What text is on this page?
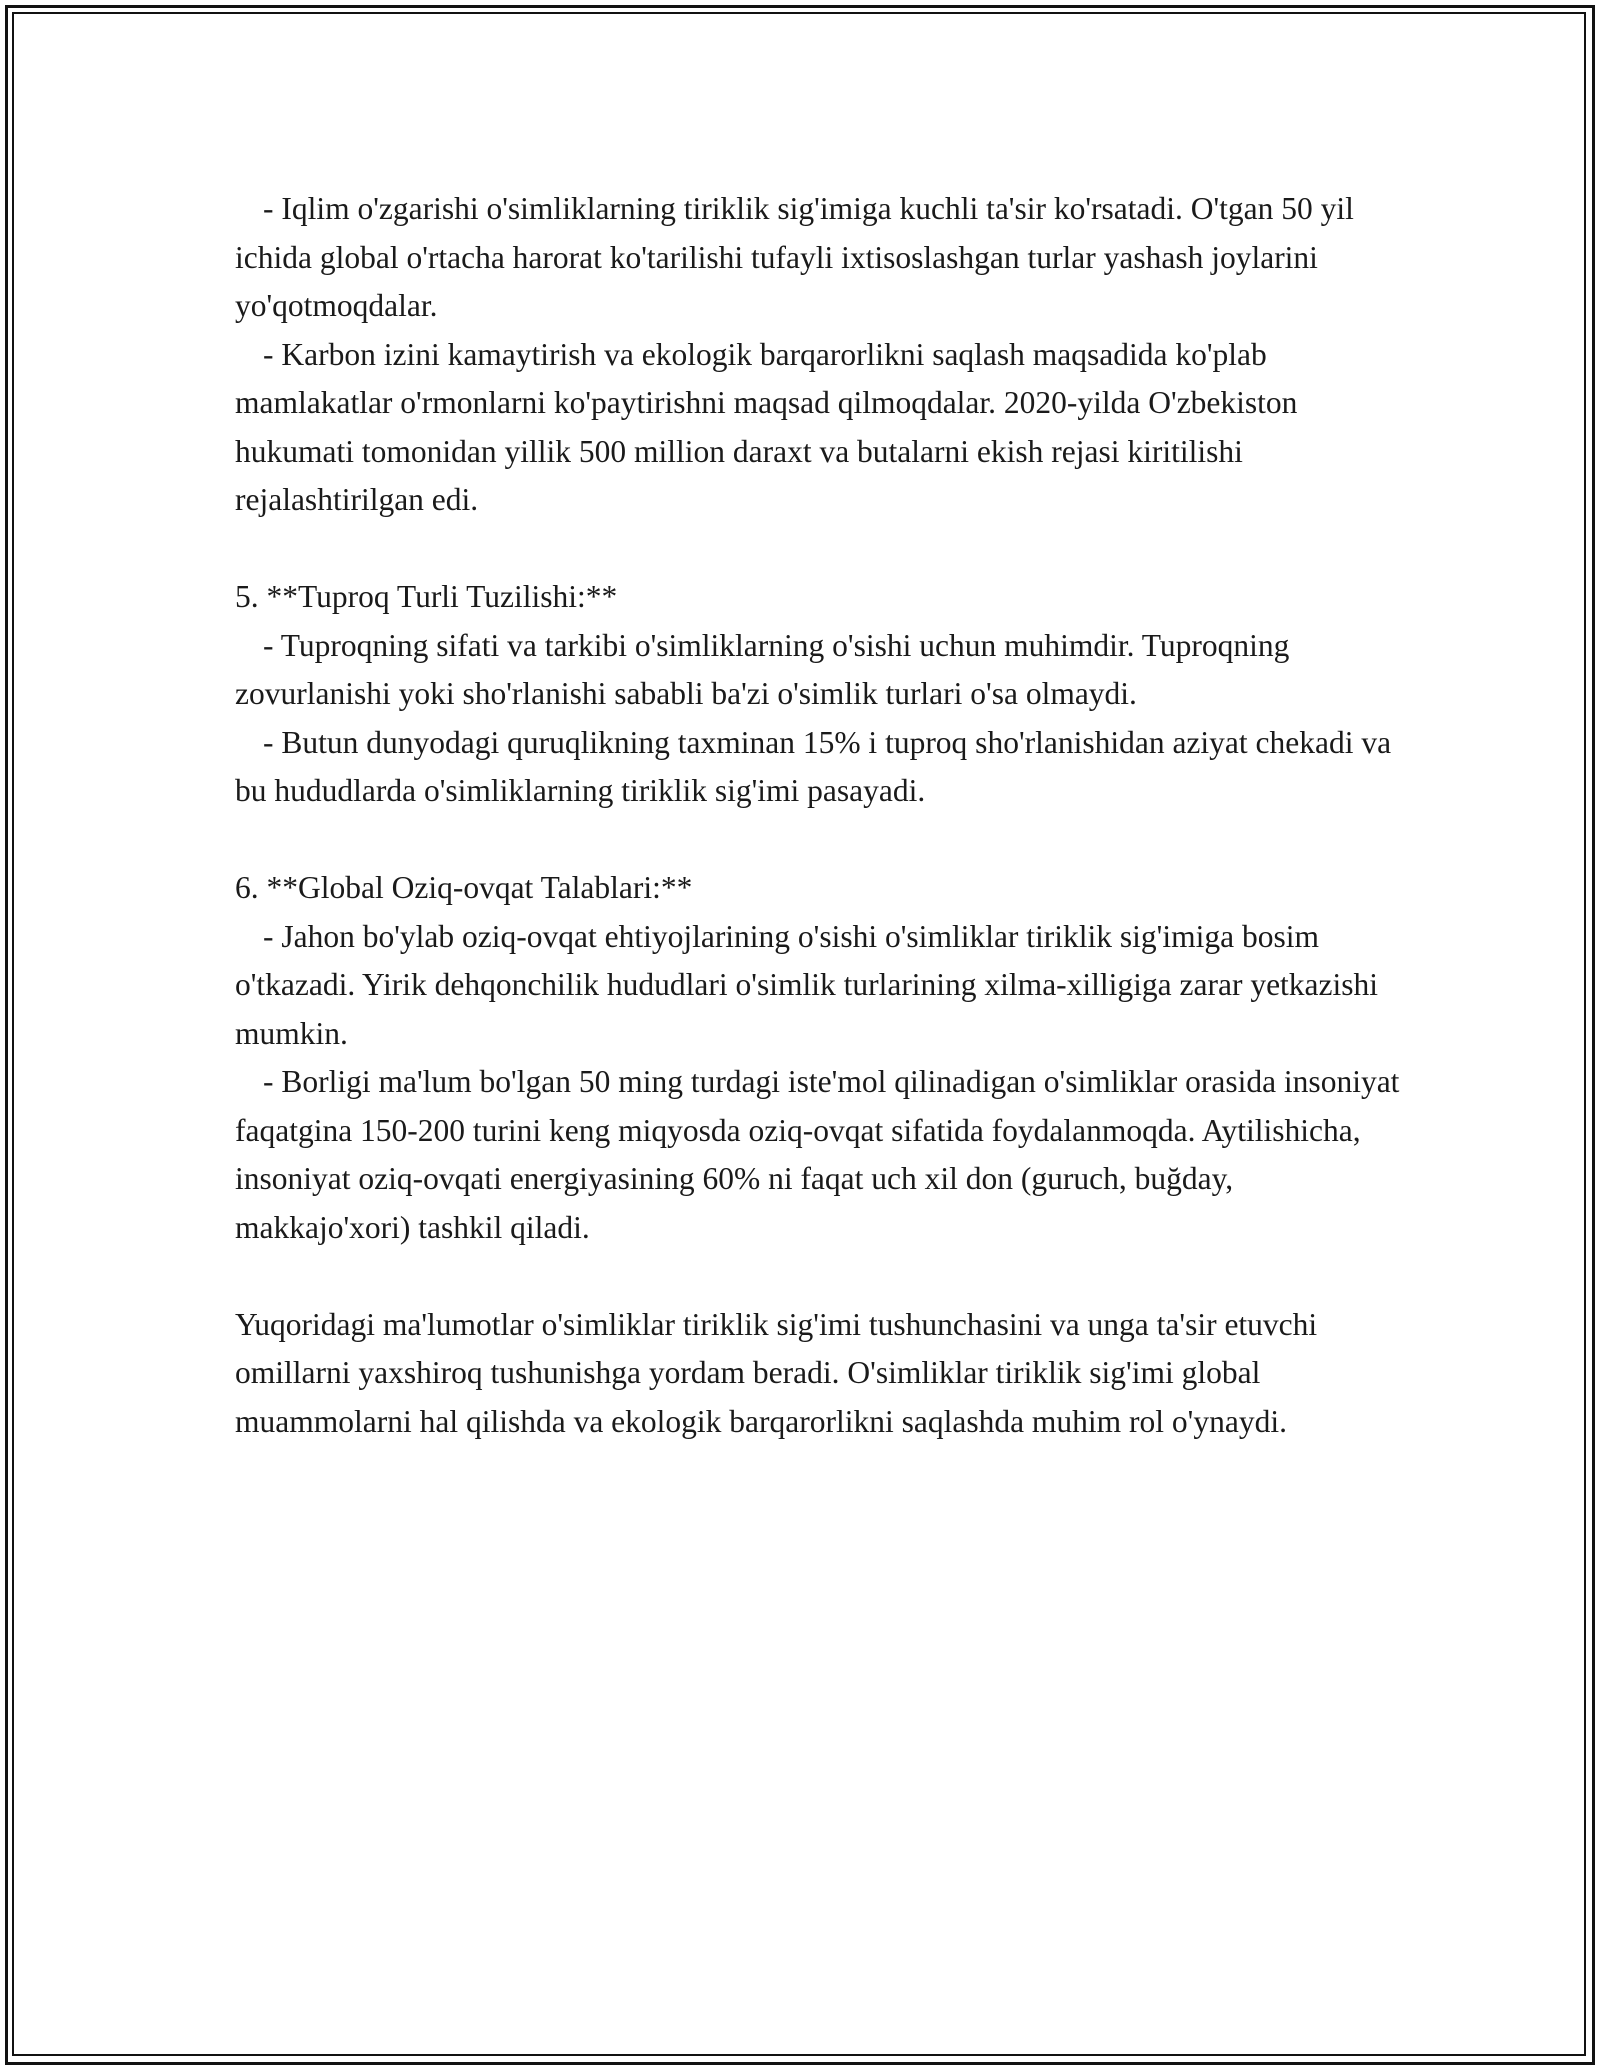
- Iqlim o'zgarishi o'simliklarning tiriklik sig'imiga kuchli ta'sir ko'rsatadi. O'tgan 50 yil ichida global o'rtacha harorat ko'tarilishi tufayli ixtisoslashgan turlar yashash joylarini yo'qotmoqdalar.

- Karbon izini kamaytirish va ekologik barqarorlikni saqlash maqsadida ko'plab mamlakatlar o'rmonlarni ko'paytirishni maqsad qilmoqdalar. 2020-yilda O'zbekiston hukumati tomonidan yillik 500 million daraxt va butalarni ekish rejasi kiritilishi rejalashtirilgan edi.

5. **Tuproq Turli Tuzilishi:**

- Tuproqning sifati va tarkibi o'simliklarning o'sishi uchun muhimdir. Tuproqning zovurlanishi yoki sho'rlanishi sababli ba'zi o'simlik turlari o'sa olmaydi.

- Butun dunyodagi quruqlikning taxminan 15% i tuproq sho'rlanishidan aziyat chekadi va bu hududlarda o'simliklarning tiriklik sig'imi pasayadi.

6. **Global Oziq-ovqat Talablari:**

- Jahon bo'ylab oziq-ovqat ehtiyojlarining o'sishi o'simliklar tiriklik sig'imiga bosim o'tkazadi. Yirik dehqonchilik hududlari o'simlik turlarining xilma-xilligiga zarar yetkazishi mumkin.

- Borligi ma'lum bo'lgan 50 ming turdagi iste'mol qilinadigan o'simliklar orasida insoniyat faqatgina 150-200 turini keng miqyosda oziq-ovqat sifatida foydalanmoqda. Aytilishicha, insoniyat oziq-ovqati energiyasining 60% ni faqat uch xil don (guruch, buğday, makkajo'xori) tashkil qiladi.

Yuqoridagi ma'lumotlar o'simliklar tiriklik sig'imi tushunchasini va unga ta'sir etuvchi omillarni yaxshiroq tushunishga yordam beradi. O'simliklar tiriklik sig'imi global muammolarni hal qilishda va ekologik barqarorlikni saqlashda muhim rol o'ynaydi.
